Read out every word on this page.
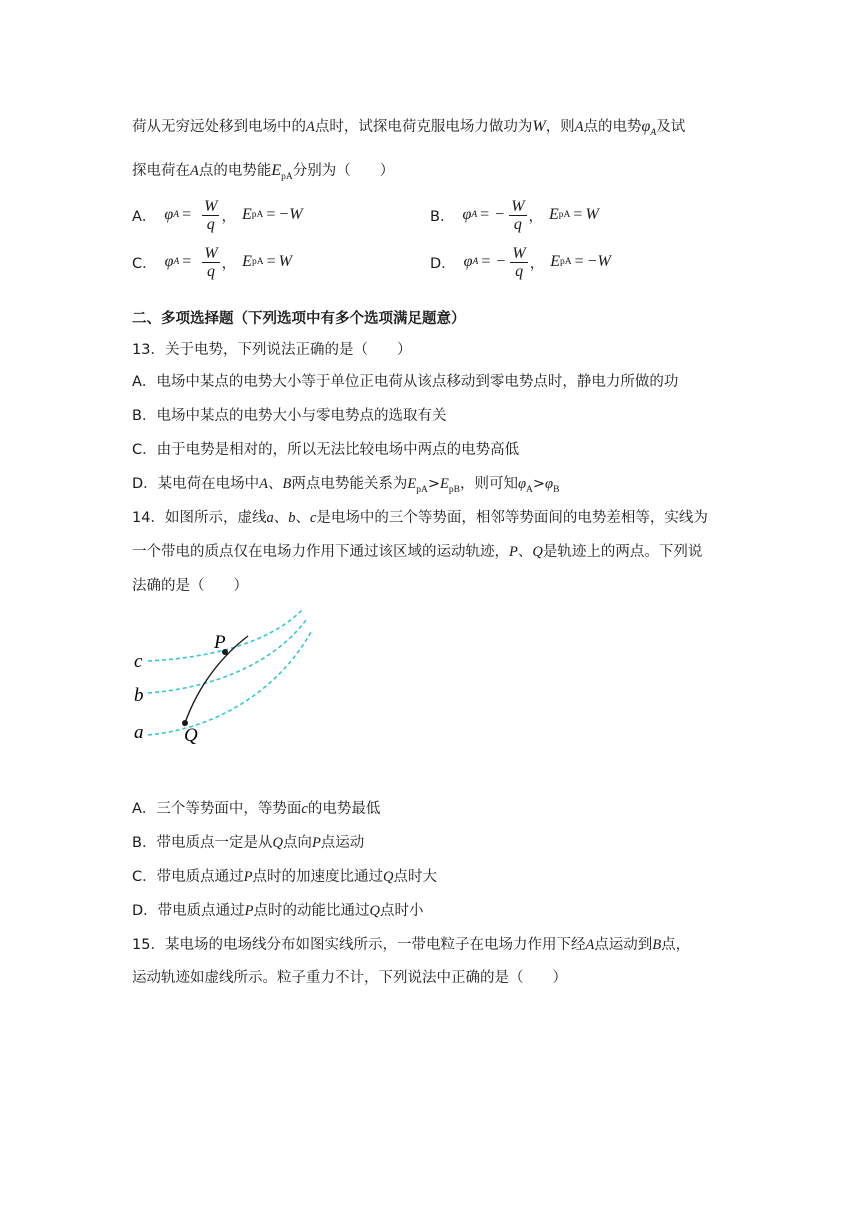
荷从无穷远处移到电场中的A点时，试探电荷克服电场力做功为W，则A点的电势$\varphi_A$及试
探电荷在A点的电势能$E_{pA}$分别为（　　）
A． φ $A = \frac{W}{q}$ ， E pA = −W	B． φ A = − $\frac{W}{q}$ ， E pA = W
C． φ $A = \frac{W}{q}$ ， E pA = W	D． φ A = − $\frac{W}{q}$ ， E pA = −W
二、多项选择题（下列选项中有多个选项满足题意）
13．关于电势，下列说法正确的是（　　）
A．电场中某点的电势大小等于单位正电荷从该点移动到零电势点时，静电力所做的功
B．电场中某点的电势大小与零电势点的选取有关
C．由于电势是相对的，所以无法比较电场中两点的电势高低
D．某电荷在电场中A、B两点电势能关系为$E_{pA}>E_{pB}$，则可知$\varphi_A>\varphi_B$
14．如图所示，虚线a、b、c是电场中的三个等势面，相邻等势面间的电势差相等，实线为
一个带电的质点仅在电场力作用下通过该区域的运动轨迹，P、Q是轨迹上的两点。下列说
法确的是（　　）
c
b
a
P
Q
A．三个等势面中，等势面c的电势最低
B．带电质点一定是从Q点向P点运动
C．带电质点通过P点时的加速度比通过Q点时大
D．带电质点通过P点时的动能比通过Q点时小
15．某电场的电场线分布如图实线所示，一带电粒子在电场力作用下经A点运动到B点，
运动轨迹如虚线所示。粒子重力不计，下列说法中正确的是（　　）
